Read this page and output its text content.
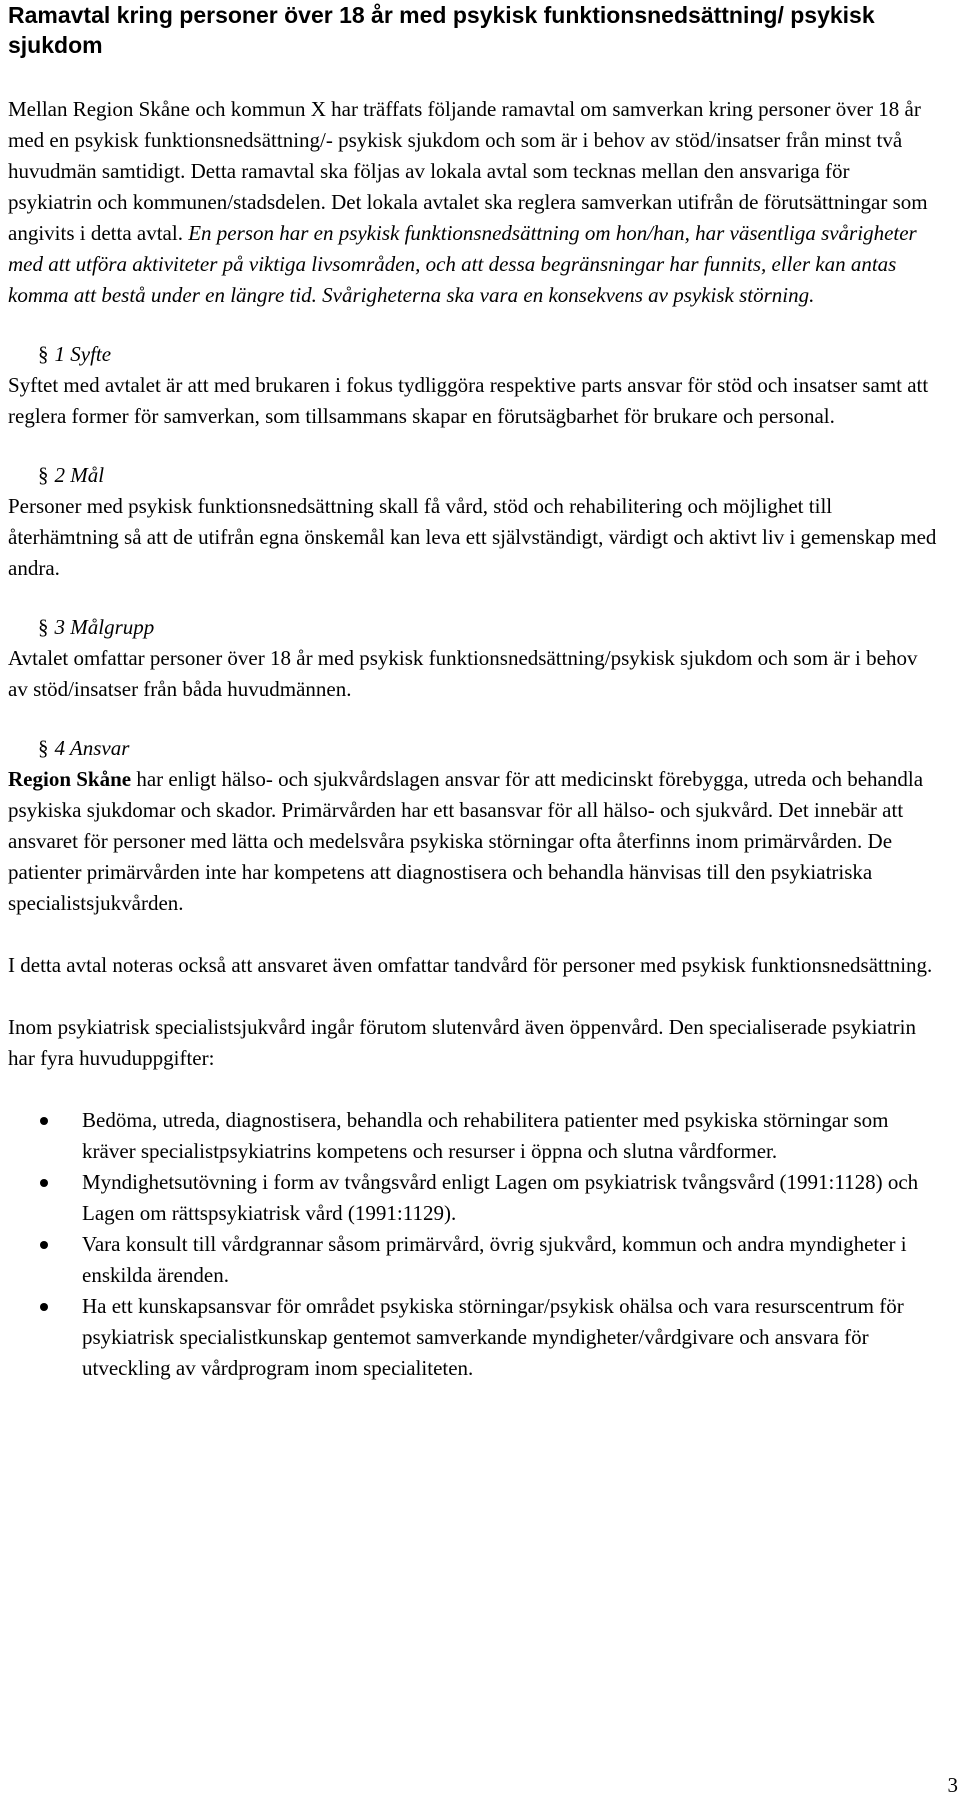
Ramavtal kring personer över 18 år med psykisk funktionsnedsättning/ psykisk sjukdom

Mellan Region Skåne och kommun X har träffats följande ramavtal om samverkan kring personer över 18 år med en psykisk funktionsnedsättning/- psykisk sjukdom och som är i behov av stöd/insatser från minst två huvudmän samtidigt. Detta ramavtal ska följas av lokala avtal som tecknas mellan den ansvariga för psykiatrin och kommunen/stadsdelen. Det lokala avtalet ska reglera samverkan utifrån de förutsättningar som angivits i detta avtal. En person har en psykisk funktionsnedsättning om hon/han, har väsentliga svårigheter med att utföra aktiviteter på viktiga livsområden, och att dessa begränsningar har funnits, eller kan antas komma att bestå under en längre tid. Svårigheterna ska vara en konsekvens av psykisk störning.

§ 1 Syfte

Syftet med avtalet är att med brukaren i fokus tydliggöra respektive parts ansvar för stöd och insatser samt att reglera former för samverkan, som tillsammans skapar en förutsägbarhet för brukare och personal.

§ 2 Mål

Personer med psykisk funktionsnedsättning skall få vård, stöd och rehabilitering och möjlighet till återhämtning så att de utifrån egna önskemål kan leva ett självständigt, värdigt och aktivt liv i gemenskap med andra.

§ 3 Målgrupp

Avtalet omfattar personer över 18 år med psykisk funktionsnedsättning/psykisk sjukdom och som är i behov av stöd/insatser från båda huvudmännen.

§ 4 Ansvar

Region Skåne har enligt hälso- och sjukvårdslagen ansvar för att medicinskt förebygga, utreda och behandla psykiska sjukdomar och skador. Primärvården har ett basansvar för all hälso- och sjukvård. Det innebär att ansvaret för personer med lätta och medelsvåra psykiska störningar ofta återfinns inom primärvården. De patienter primärvården inte har kompetens att diagnostisera och behandla hänvisas till den psykiatriska specialistsjukvården.

I detta avtal noteras också att ansvaret även omfattar tandvård för personer med psykisk funktionsnedsättning.

Inom psykiatrisk specialistsjukvård ingår förutom slutenvård även öppenvård. Den specialiserade psykiatrin har fyra huvuduppgifter:

Bedöma, utreda, diagnostisera, behandla och rehabilitera patienter med psykiska störningar som kräver specialistpsykiatrins kompetens och resurser i öppna och slutna vårdformer.
Myndighetsutövning i form av tvångsvård enligt Lagen om psykiatrisk tvångsvård (1991:1128) och Lagen om rättspsykiatrisk vård (1991:1129).
Vara konsult till vårdgrannar såsom primärvård, övrig sjukvård, kommun och andra myndigheter i enskilda ärenden.
Ha ett kunskapsansvar för området psykiska störningar/psykisk ohälsa och vara resurscentrum för psykiatrisk specialistkunskap gentemot samverkande myndigheter/vårdgivare och ansvara för utveckling av vårdprogram inom specialiteten.
3
